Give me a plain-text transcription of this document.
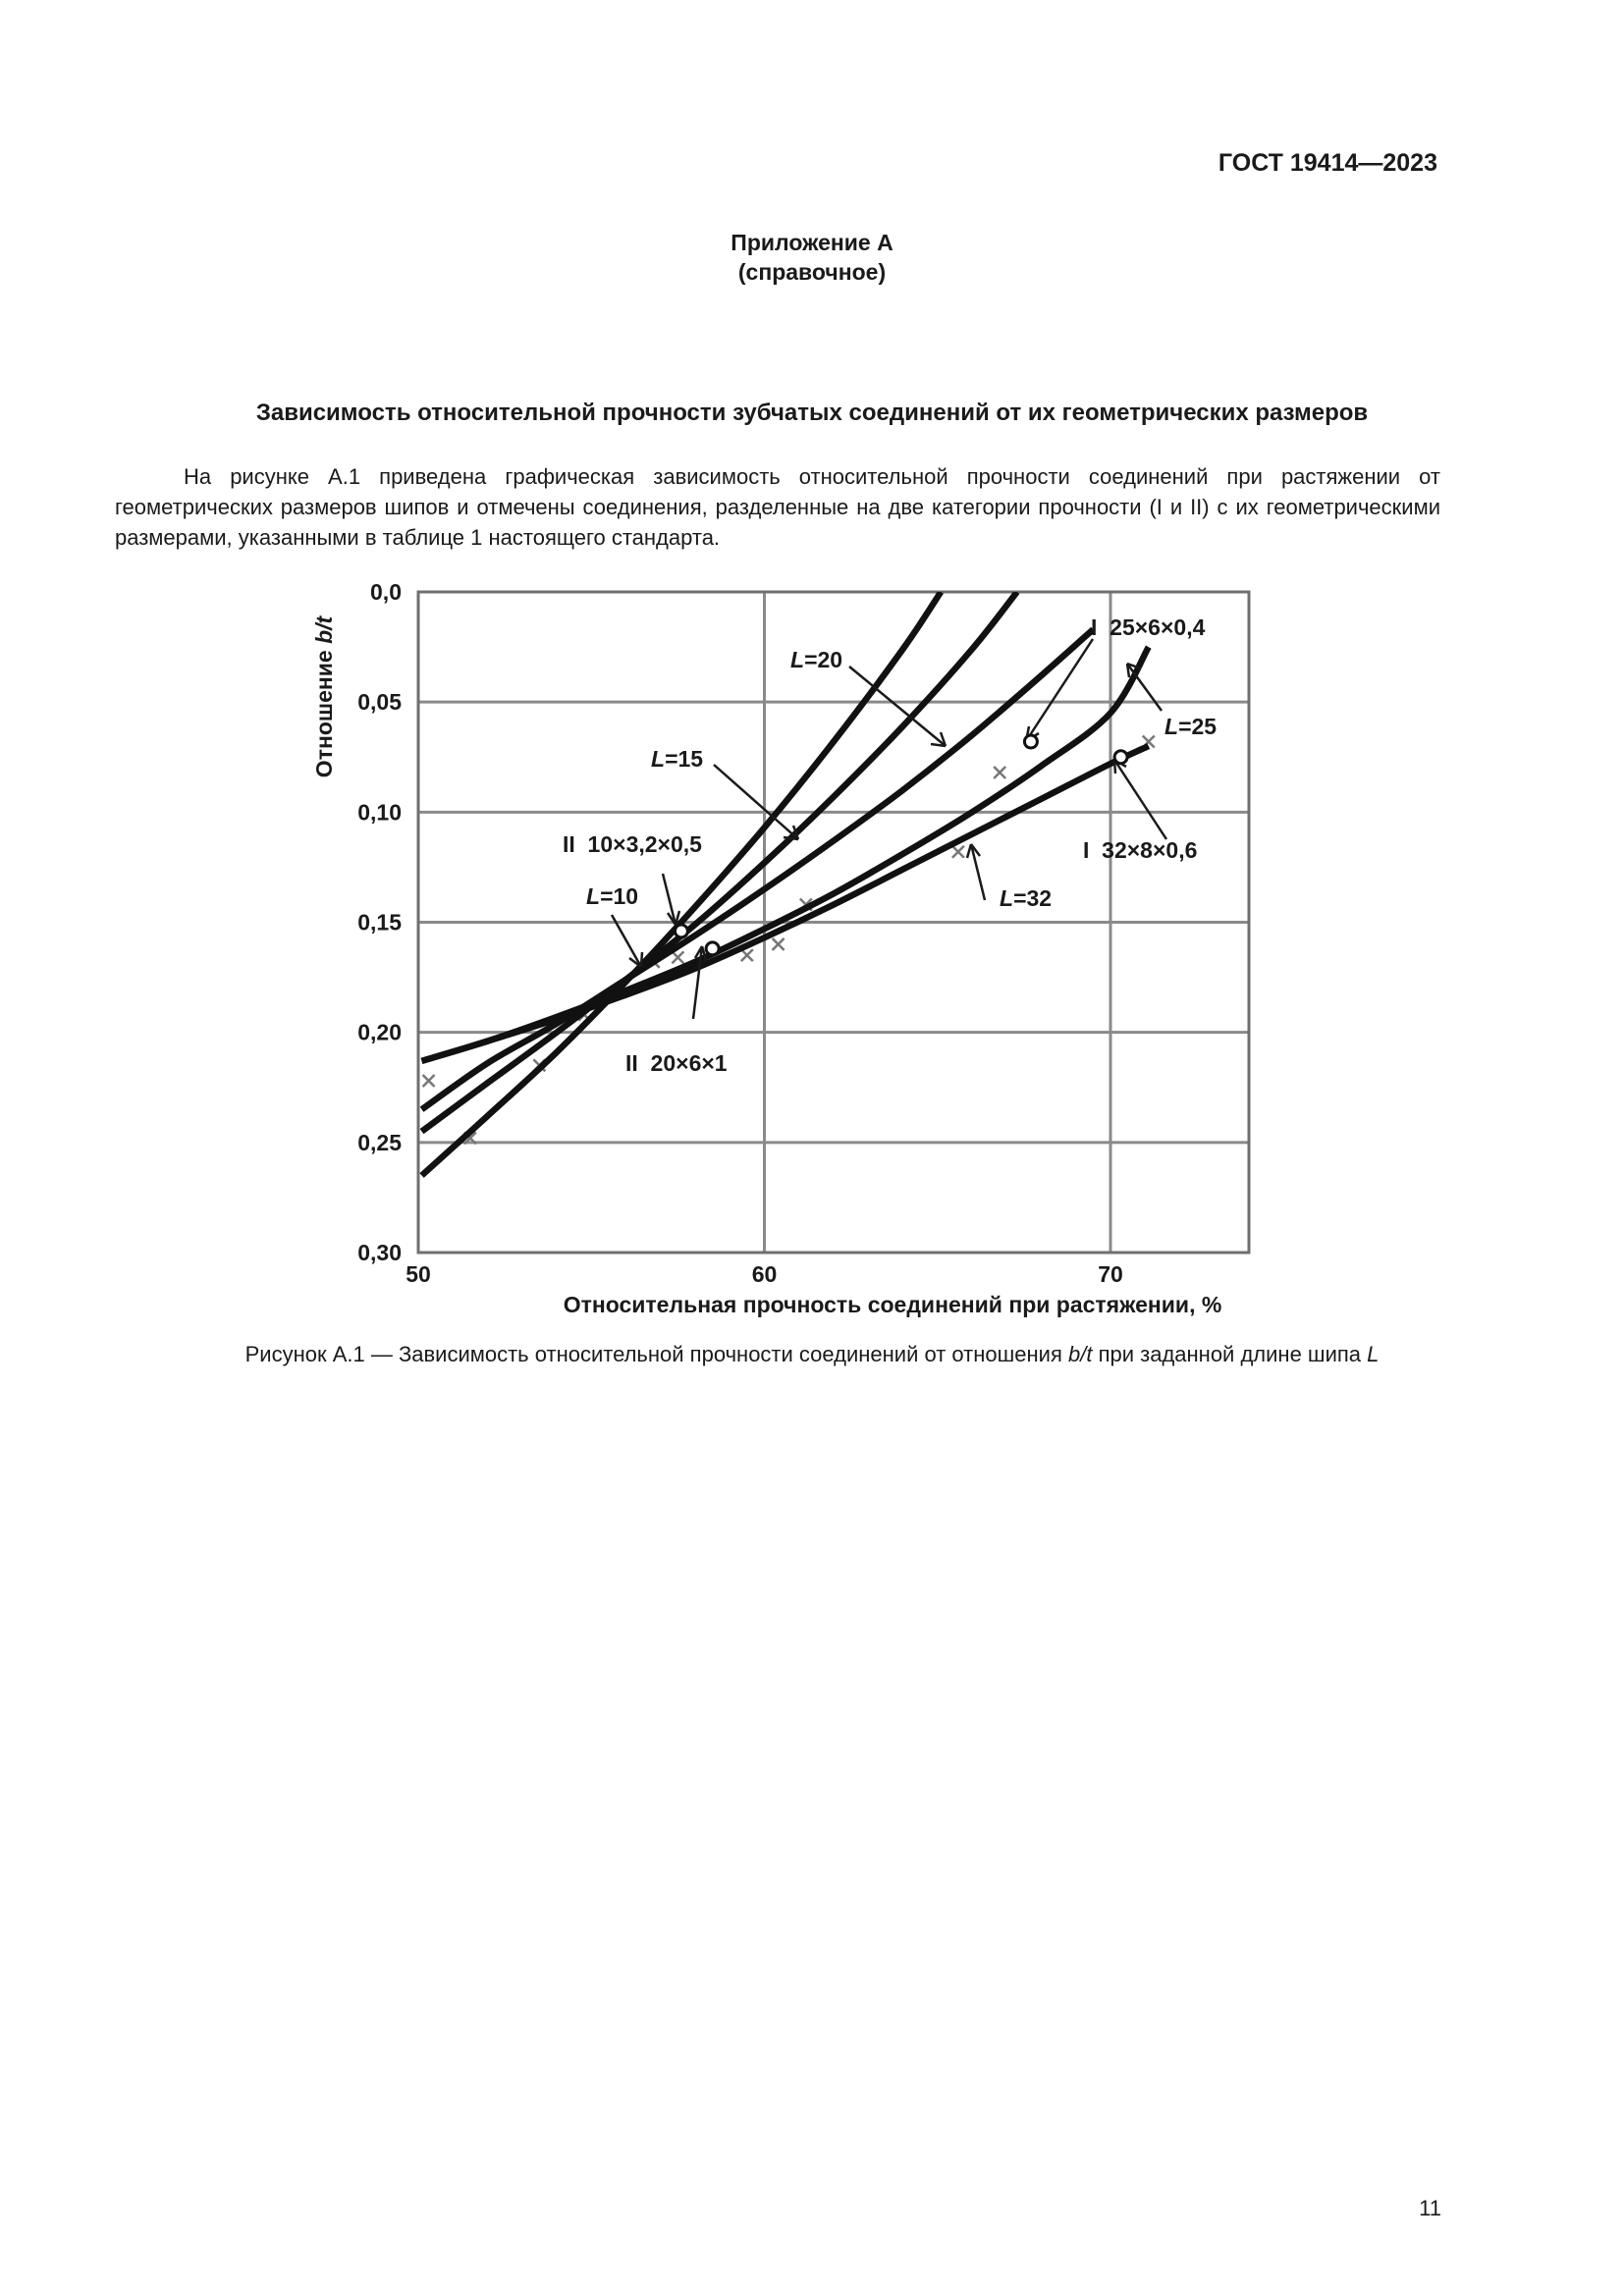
ГОСТ 19414—2023
Приложение А
(справочное)
Зависимость относительной прочности зубчатых соединений от их геометрических размеров

На рисунке А.1 приведена графическая зависимость относительной прочности соединений при растяжении от геометрических размеров шипов и отмечены соединения, разделенные на две категории прочности (I и II) с их геометрическими размерами, указанными в таблице 1 настоящего стандарта.

50	60	70
0,0
0,05
0,10
0,15
0,20
0,25
0,30
Относительная прочность соединений при растяжении, %
Отношение b/t
L=20
L=15
L=10
L=25
L=32
II  10×3,2×0,5
II  20×6×1
I  25×6×0,4
I  32×8×0,6
Рисунок А.1 — Зависимость относительной прочности соединений от отношения b/t при заданной длине шипа L
11
